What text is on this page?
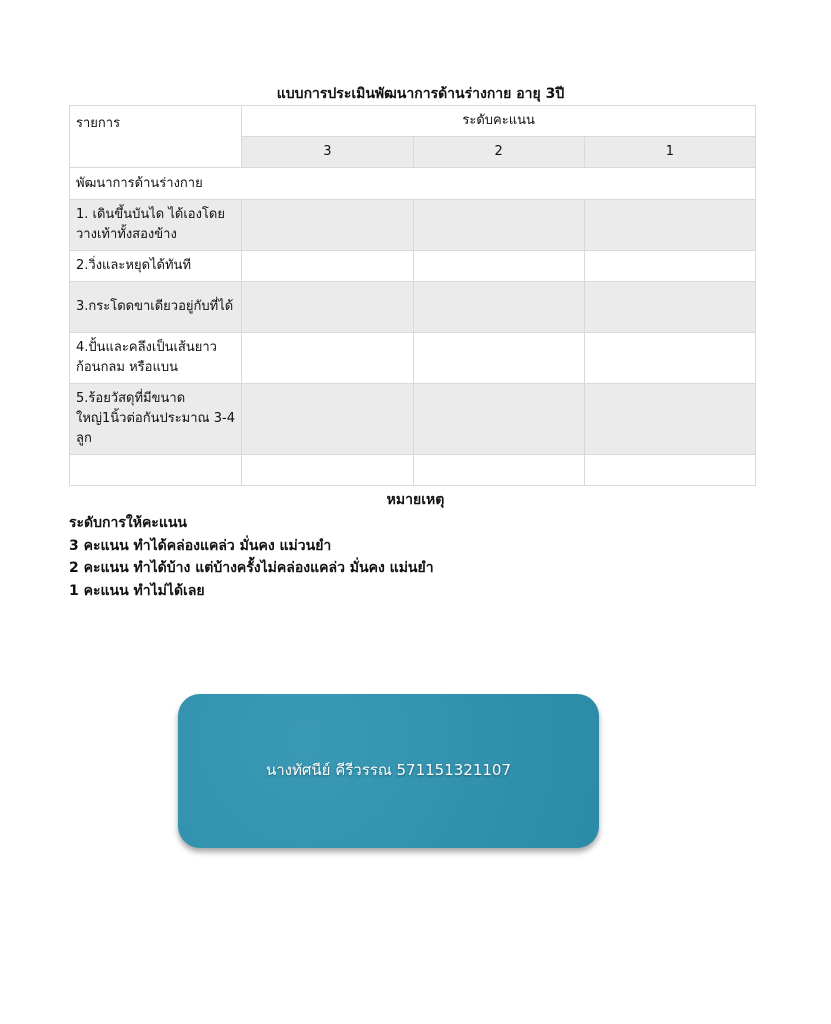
แบบการประเมินพัฒนาการด้านร่างกาย อายุ 3ปี
รายการ	ระดับคะแนน		
	3	2	1
พัฒนาการด้านร่างกาย			
1. เดินขึ้นบันได ได้เองโดยวางเท้าทั้งสองข้าง			
2.วิ่งและหยุดได้ทันที			
3.กระโดดขาเดียวอยู่กับที่ได้			
4.ปั้นและคลึงเป็นเส้นยาว ก้อนกลม หรือแบน			
5.ร้อยวัสดุที่มีขนาดใหญ่1นิ้วต่อกันประมาณ 3-4 ลูก			

หมายเหตุ
ระดับการให้คะแนน
3 คะแนน ทำได้คล่องแคล่ว มั่นคง แม่วนยำ
2 คะแนน ทำได้บ้าง แต่บ้างครั้งไม่คล่องแคล่ว มั่นคง แม่นยำ
1 คะแนน ทำไม่ได้เลย
นางทัศนีย์ คีรีวรรณ 571151321107
